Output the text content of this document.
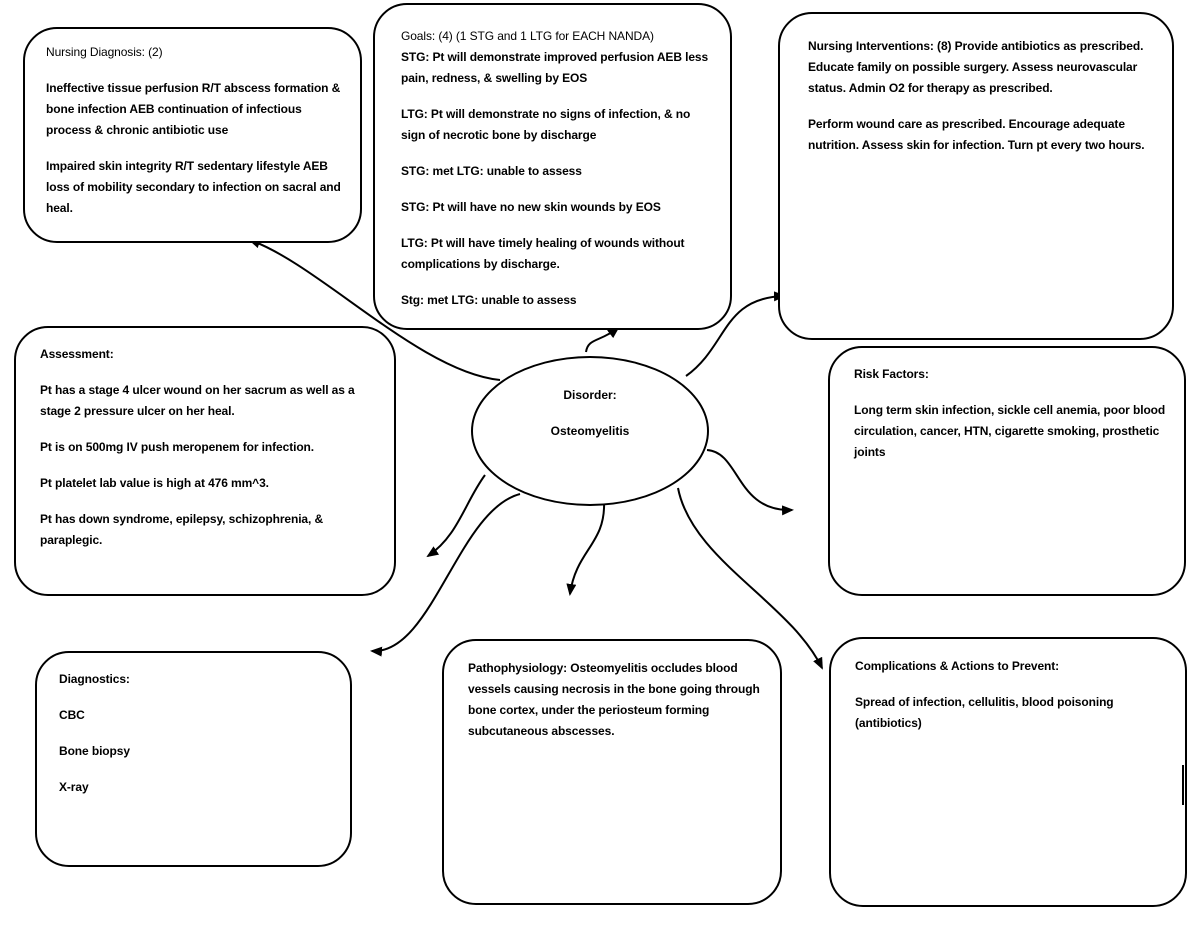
Nursing Diagnosis: (2)

Ineffective tissue perfusion R/T abscess formation & bone infection AEB continuation of infectious process & chronic antibiotic use

Impaired skin integrity R/T sedentary lifestyle AEB loss of mobility secondary to infection on sacral and heal.

Goals: (4) (1 STG and 1 LTG for EACH NANDA)

STG: Pt will demonstrate improved perfusion AEB less pain, redness, & swelling by EOS

LTG: Pt will demonstrate no signs of infection, & no sign of necrotic bone by discharge

STG: met LTG: unable to assess

STG: Pt will have no new skin wounds by EOS

LTG: Pt will have timely healing of wounds without complications by discharge.

Stg: met LTG: unable to assess

Nursing Interventions: (8) Provide antibiotics as prescribed. Educate family on possible surgery. Assess neurovascular status. Admin O2 for therapy as prescribed.

Perform wound care as prescribed. Encourage adequate nutrition. Assess skin for infection. Turn pt every two hours.

Assessment:

Pt has a stage 4 ulcer wound on her sacrum as well as a stage 2 pressure ulcer on her heal.

Pt is on 500mg IV push meropenem for infection.

Pt platelet lab value is high at 476 mm^3.

Pt has down syndrome, epilepsy, schizophrenia, & paraplegic.

Disorder:
Osteomyelitis
Risk Factors:

Long term skin infection, sickle cell anemia, poor blood circulation, cancer, HTN, cigarette smoking, prosthetic joints

Diagnostics:

CBC

Bone biopsy

X-ray

Pathophysiology: Osteomyelitis occludes blood vessels causing necrosis in the bone going through bone cortex, under the periosteum forming subcutaneous abscesses.

Complications & Actions to Prevent:

Spread of infection, cellulitis, blood poisoning (antibiotics)
